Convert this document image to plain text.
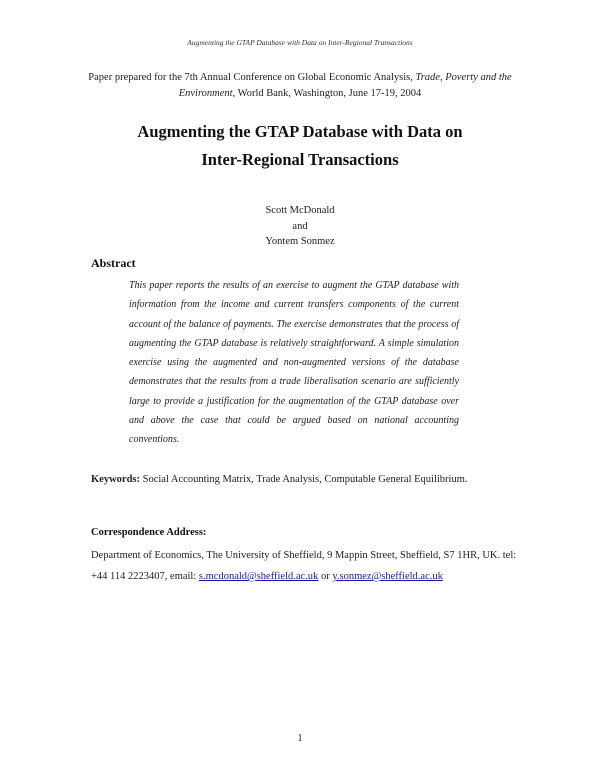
Augmenting the GTAP Database with Data on Inter-Regional Transactions
Paper prepared for the 7th Annual Conference on Global Economic Analysis, Trade, Poverty and the Environment, World Bank, Washington, June 17-19, 2004
Augmenting the GTAP Database with Data on
Inter-Regional Transactions
Scott McDonald
and
Yontem Sonmez
Abstract
This paper reports the results of an exercise to augment the GTAP database with information from the income and current transfers components of the current account of the balance of payments. The exercise demonstrates that the process of augmenting the GTAP database is relatively straightforward. A simple simulation exercise using the augmented and non-augmented versions of the database demonstrates that the results from a trade liberalisation scenario are sufficiently large to provide a justification for the augmentation of the GTAP database over and above the case that could be argued based on national accounting conventions.
Keywords: Social Accounting Matrix, Trade Analysis, Computable General Equilibrium.
Correspondence Address:
Department of Economics, The University of Sheffield, 9 Mappin Street, Sheffield, S7 1HR, UK. tel: +44 114 2223407, email: s.mcdonald@sheffield.ac.uk or y.sonmez@sheffield.ac.uk
1
